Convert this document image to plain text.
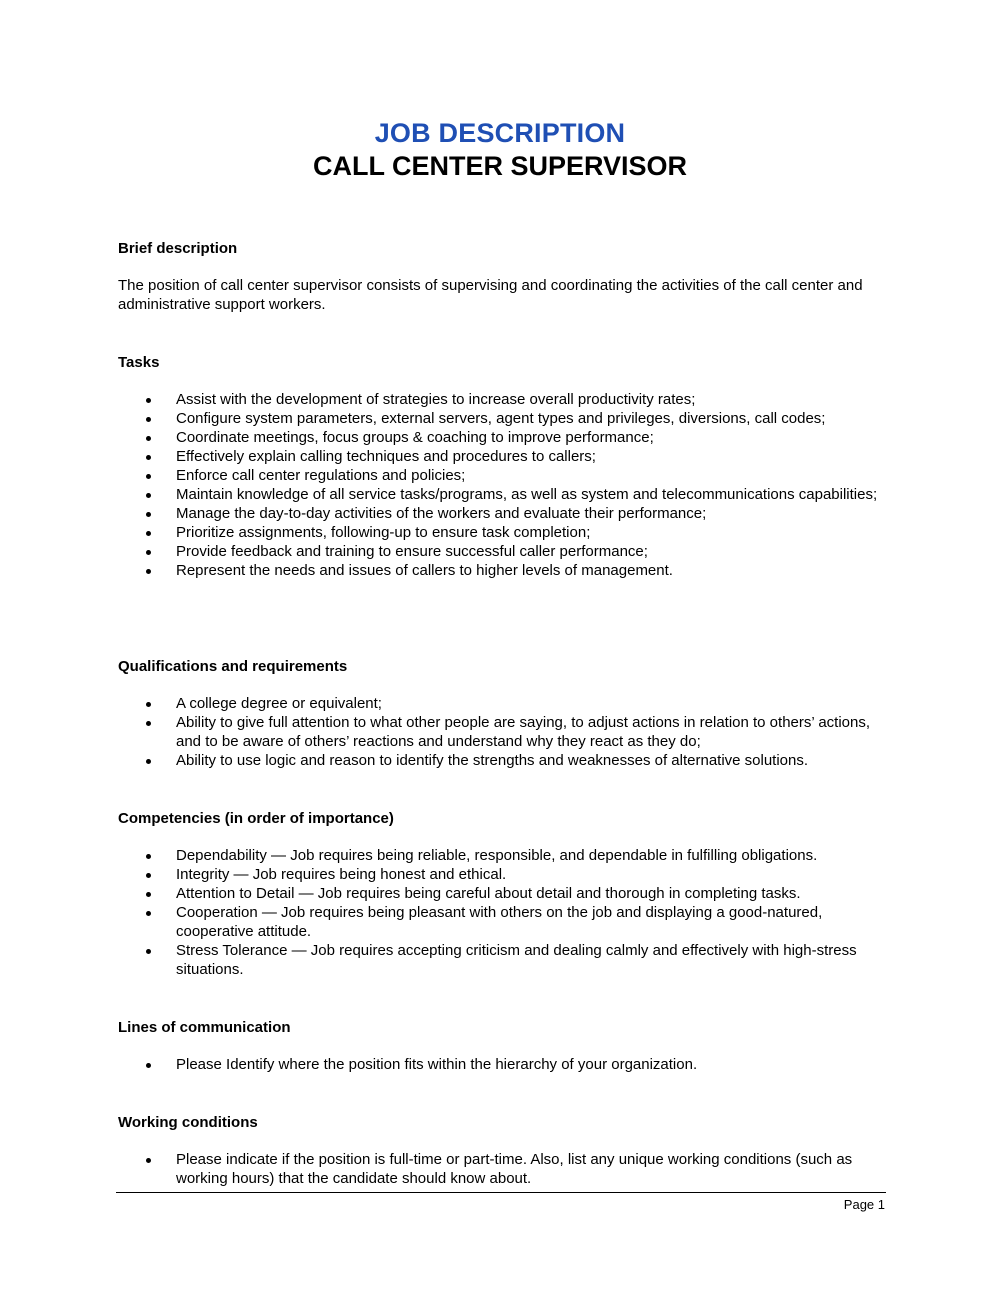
JOB DESCRIPTION
CALL CENTER SUPERVISOR
Brief description

The position of call center supervisor consists of supervising and coordinating the activities of the call center and administrative support workers.

Tasks
Assist with the development of strategies to increase overall productivity rates;
Configure system parameters, external servers, agent types and privileges, diversions, call codes;
Coordinate meetings, focus groups & coaching to improve performance;
Effectively explain calling techniques and procedures to callers;
Enforce call center regulations and policies;
Maintain knowledge of all service tasks/programs, as well as system and telecommunications capabilities;
Manage the day-to-day activities of the workers and evaluate their performance;
Prioritize assignments, following-up to ensure task completion;
Provide feedback and training to ensure successful caller performance;
Represent the needs and issues of callers to higher levels of management.
Qualifications and requirements
A college degree or equivalent;
Ability to give full attention to what other people are saying, to adjust actions in relation to others’ actions, and to be aware of others’ reactions and understand why they react as they do;
Ability to use logic and reason to identify the strengths and weaknesses of alternative solutions.
Competencies (in order of importance)
Dependability — Job requires being reliable, responsible, and dependable in fulfilling obligations.
Integrity — Job requires being honest and ethical.
Attention to Detail — Job requires being careful about detail and thorough in completing tasks.
Cooperation — Job requires being pleasant with others on the job and displaying a good-natured, cooperative attitude.
Stress Tolerance — Job requires accepting criticism and dealing calmly and effectively with high-stress situations.
Lines of communication
Please Identify where the position fits within the hierarchy of your organization.
Working conditions
Please indicate if the position is full-time or part-time. Also, list any unique working conditions (such as working hours) that the candidate should know about.
Page 1
